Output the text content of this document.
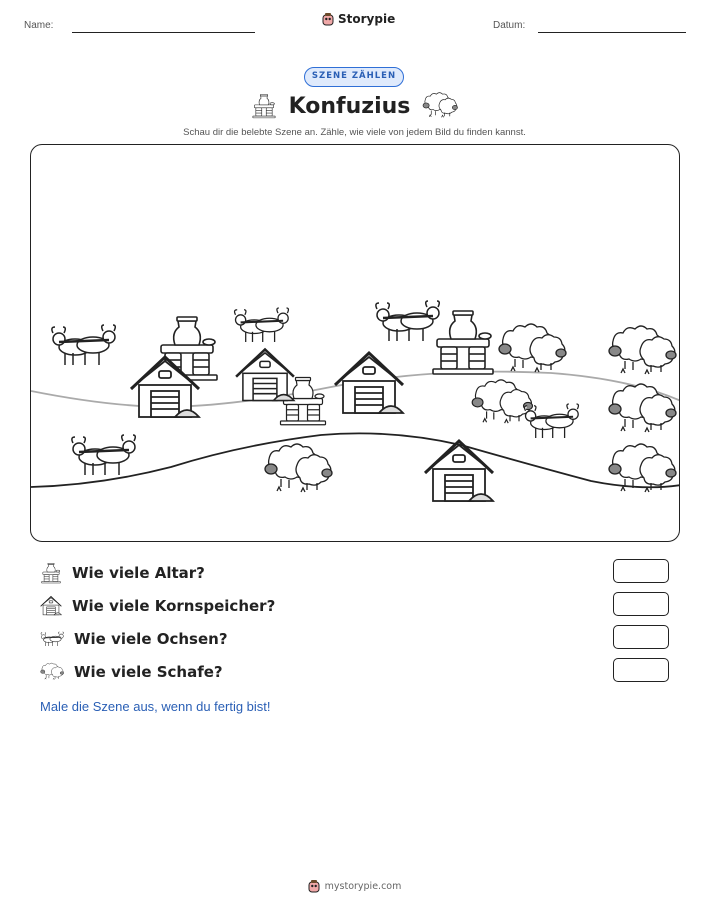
Name:	Storypie	Datum:
SZENE ZÄHLEN
Konfuzius
Schau dir die belebte Szene an. Zähle, wie viele von jedem Bild du finden kannst.
Wie viele Altar?
Wie viele Kornspeicher?
Wie viele Ochsen?
Wie viele Schafe?
Male die Szene aus, wenn du fertig bist!
mystorypie.com
